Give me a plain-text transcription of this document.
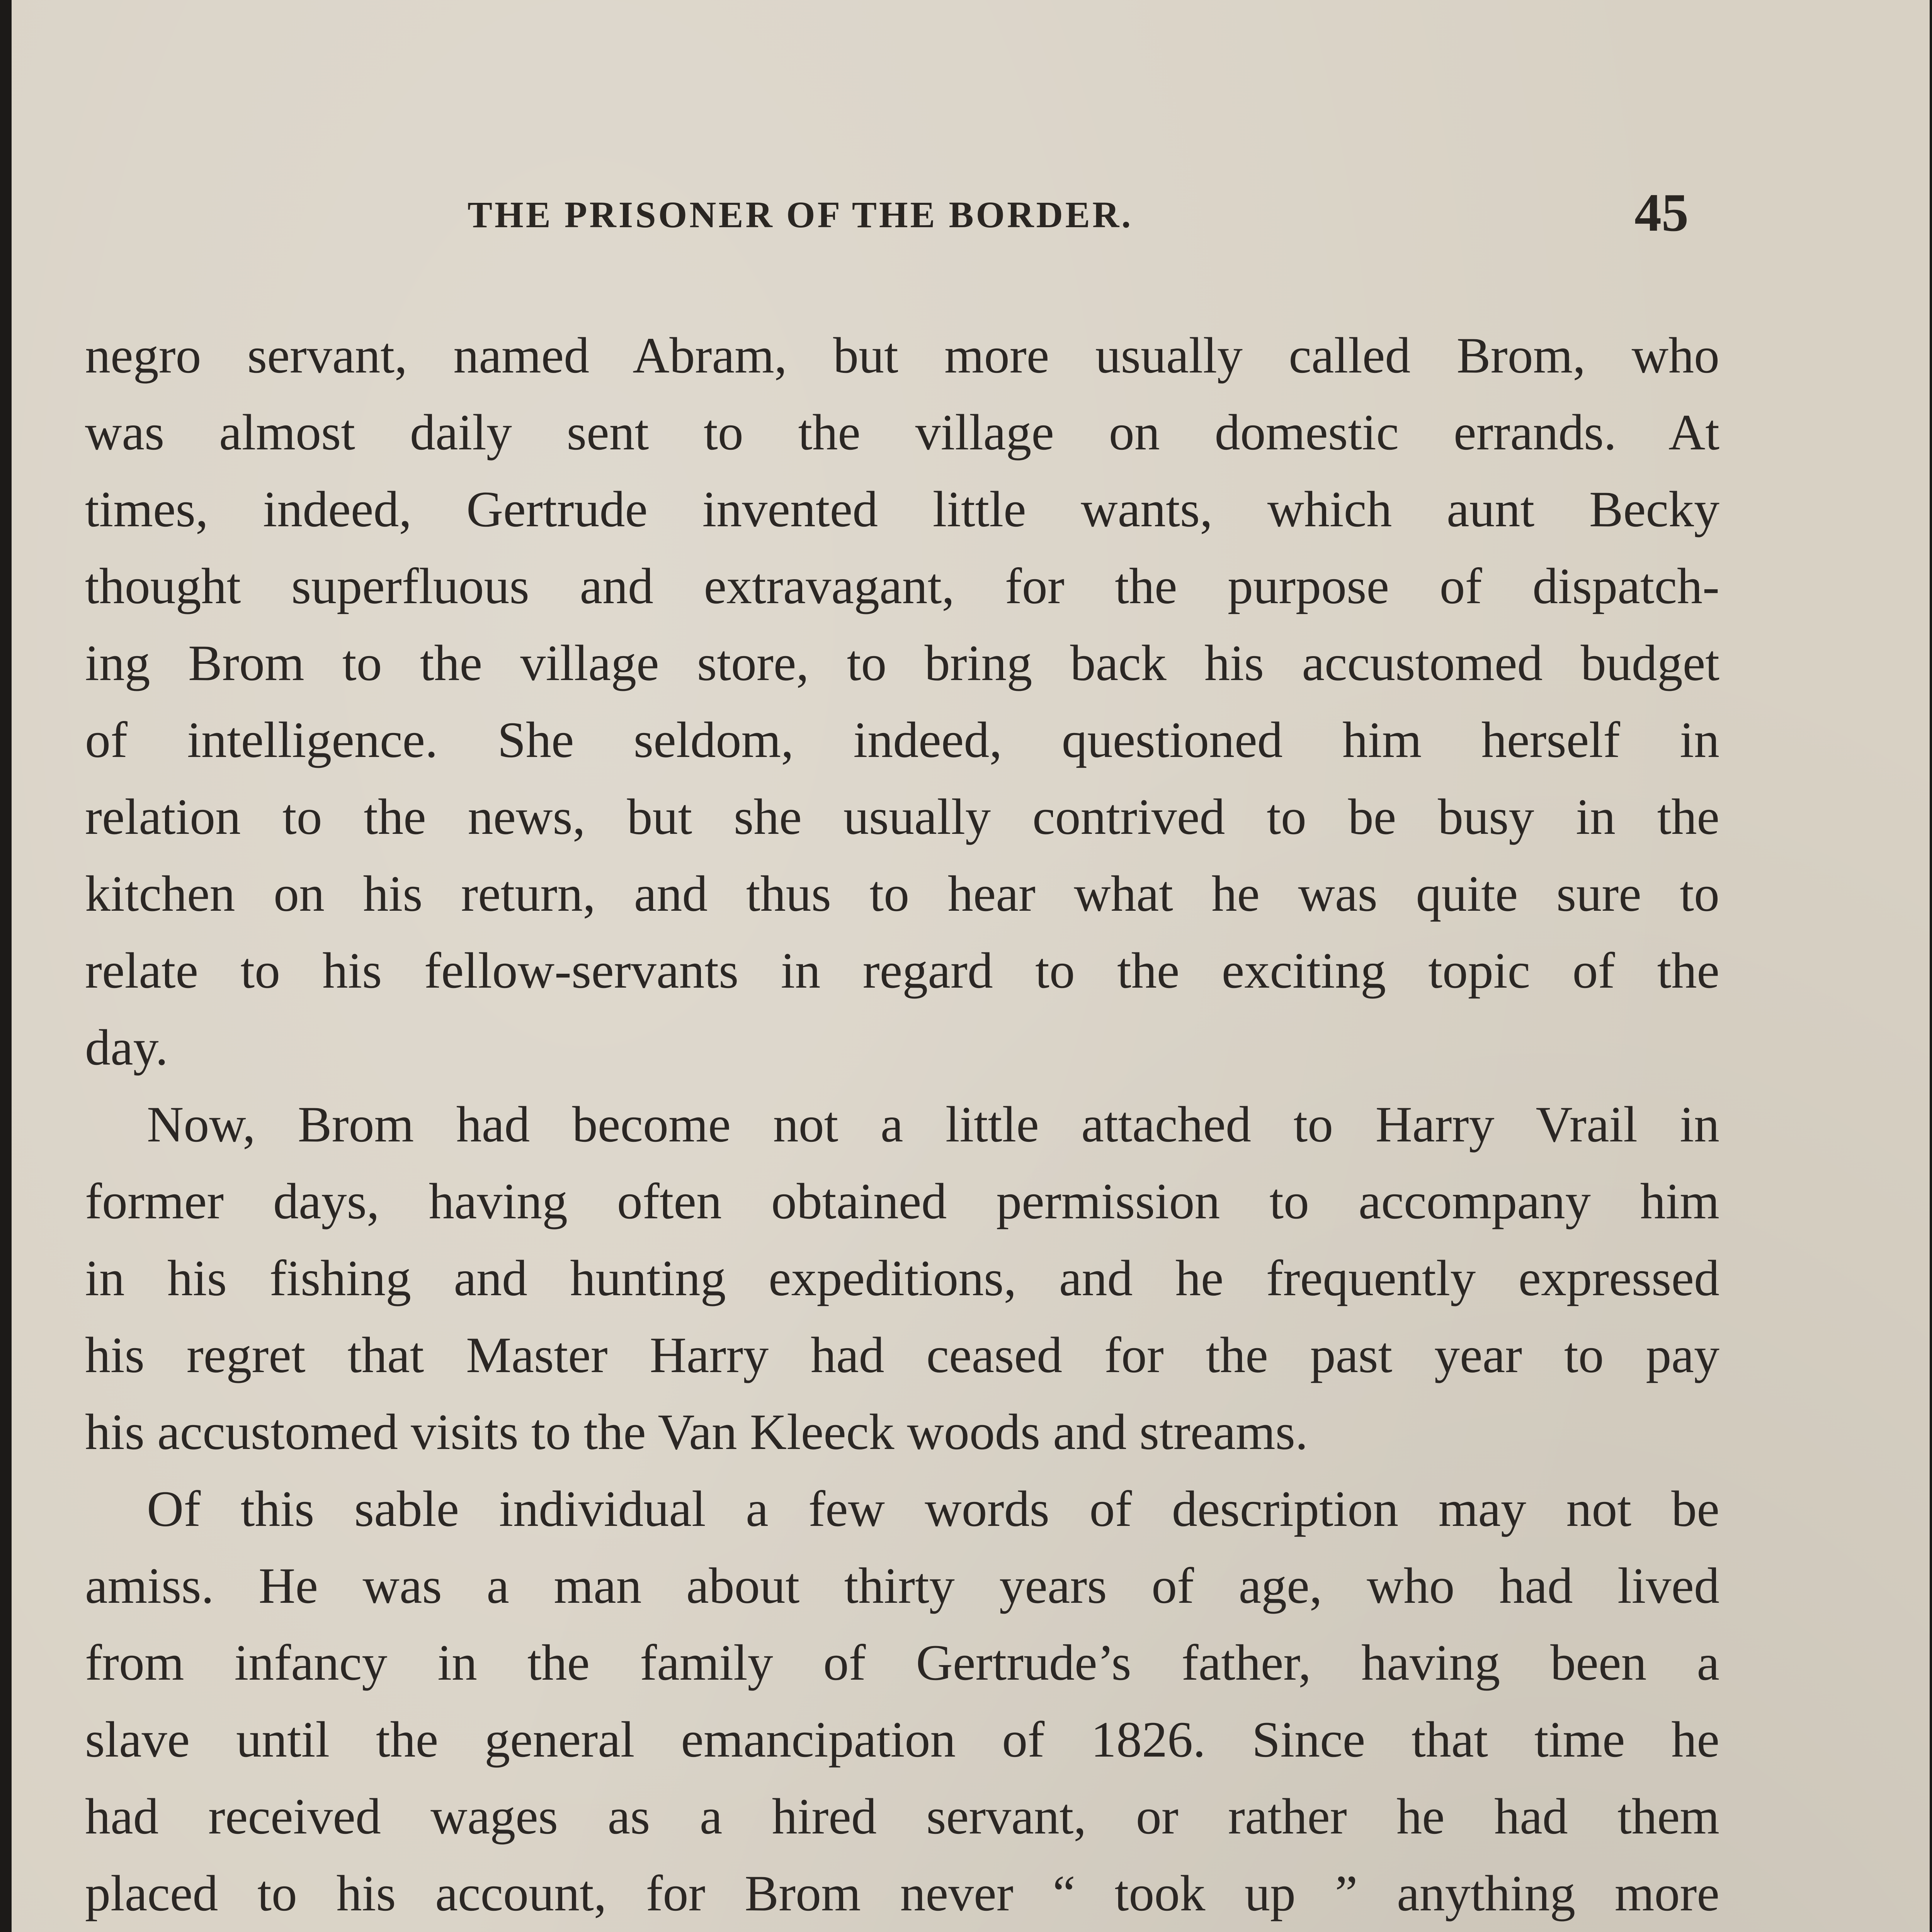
THE PRISONER OF THE BORDER.	45

negro servant, named Abram, but more usually called Brom, who
was almost daily sent to the village on domestic errands. At
times, indeed, Gertrude invented little wants, which aunt Becky
thought superfluous and extravagant, for the purpose of dispatch-
ing Brom to the village store, to bring back his accustomed budget
of intelligence. She seldom, indeed, questioned him herself in
relation to the news, but she usually contrived to be busy in the
kitchen on his return, and thus to hear what he was quite sure to
relate to his fellow-servants in regard to the exciting topic of the
day.

Now, Brom had become not a little attached to Harry Vrail in
former days, having often obtained permission to accompany him
in his fishing and hunting expeditions, and he frequently expressed
his regret that Master Harry had ceased for the past year to pay
his accustomed visits to the Van Kleeck woods and streams.

Of this sable individual a few words of description may not be
amiss. He was a man about thirty years of age, who had lived
from infancy in the family of Gertrude’s father, having been a
slave until the general emancipation of 1826. Since that time he
had received wages as a hired servant, or rather he had them
placed to his account, for Brom never “ took up ” anything more
